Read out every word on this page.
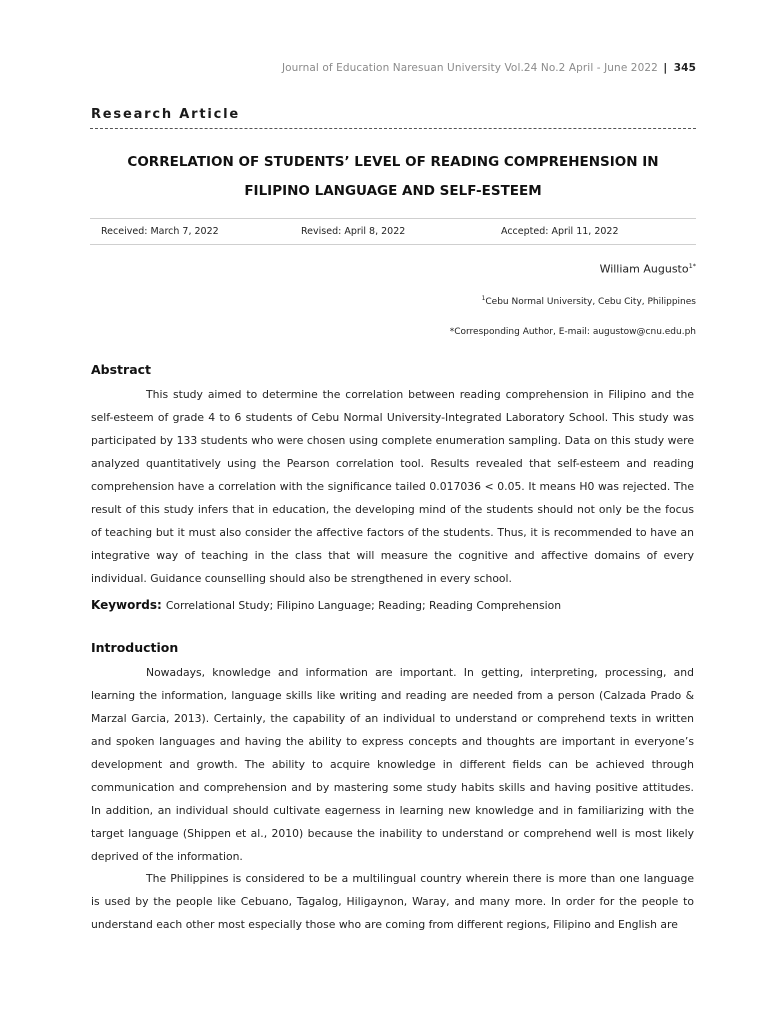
Journal of Education Naresuan University Vol.24 No.2 April - June 2022 | 345
Research Article
CORRELATION OF STUDENTS’ LEVEL OF READING COMPREHENSION IN
FILIPINO LANGUAGE AND SELF-ESTEEM
Received: March 7, 2022	Revised: April 8, 2022	Accepted: April 11, 2022
William Augusto$^{1*}$
$^1$Cebu Normal University, Cebu City, Philippines
*Corresponding Author, E-mail: augustow@cnu.edu.ph
Abstract

This study aimed to determine the correlation between reading comprehension in Filipino and the self-esteem of grade 4 to 6 students of Cebu Normal University-Integrated Laboratory School. This study was participated by 133 students who were chosen using complete enumeration sampling. Data on this study were analyzed quantitatively using the Pearson correlation tool. Results revealed that self-esteem and reading comprehension have a correlation with the significance tailed 0.017036 < 0.05. It means H0 was rejected. The result of this study infers that in education, the developing mind of the students should not only be the focus of teaching but it must also consider the affective factors of the students. Thus, it is recommended to have an integrative way of teaching in the class that will measure the cognitive and affective domains of every individual. Guidance counselling should also be strengthened in every school.

Keywords: Correlational Study; Filipino Language; Reading; Reading Comprehension
Introduction

Nowadays, knowledge and information are important. In getting, interpreting, processing, and learning the information, language skills like writing and reading are needed from a person (Calzada Prado & Marzal Garcia, 2013). Certainly, the capability of an individual to understand or comprehend texts in written and spoken languages and having the ability to express concepts and thoughts are important in everyone’s development and growth. The ability to acquire knowledge in different fields can be achieved through communication and comprehension and by mastering some study habits skills and having positive attitudes. In addition, an individual should cultivate eagerness in learning new knowledge and in familiarizing with the target language (Shippen et al., 2010) because the inability to understand or comprehend well is most likely deprived of the information.

The Philippines is considered to be a multilingual country wherein there is more than one language is used by the people like Cebuano, Tagalog, Hiligaynon, Waray, and many more. In order for the people to understand each other most especially those who are coming from different regions, Filipino and English are
